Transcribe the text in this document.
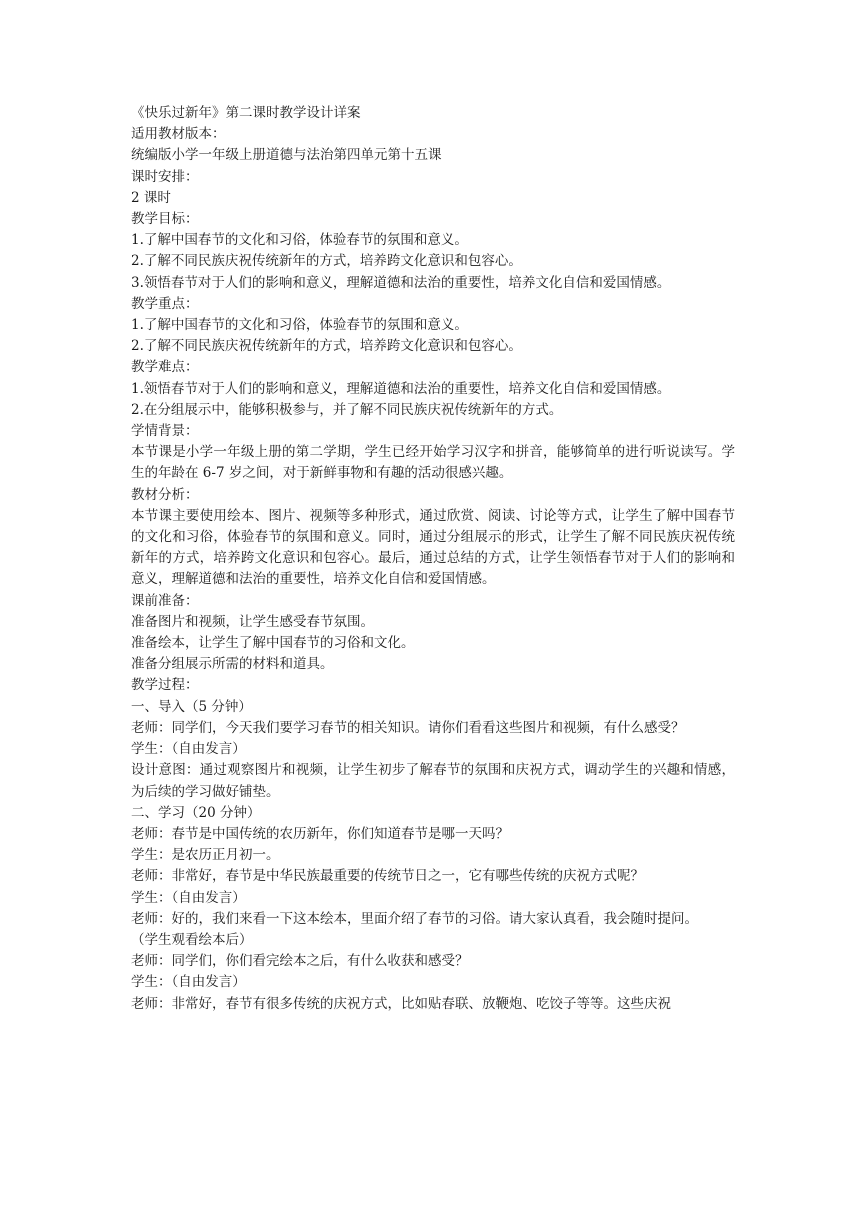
《快乐过新年》第二课时教学设计详案
适用教材版本：
统编版小学一年级上册道德与法治第四单元第十五课
课时安排：
2 课时
教学目标：
1.了解中国春节的文化和习俗，体验春节的氛围和意义。
2.了解不同民族庆祝传统新年的方式，培养跨文化意识和包容心。
3.领悟春节对于人们的影响和意义，理解道德和法治的重要性，培养文化自信和爱国情感。
教学重点：
1.了解中国春节的文化和习俗，体验春节的氛围和意义。
2.了解不同民族庆祝传统新年的方式，培养跨文化意识和包容心。
教学难点：
1.领悟春节对于人们的影响和意义，理解道德和法治的重要性，培养文化自信和爱国情感。
2.在分组展示中，能够积极参与，并了解不同民族庆祝传统新年的方式。
学情背景：

本节课是小学一年级上册的第二学期，学生已经开始学习汉字和拼音，能够简单的进行听说读写。学生的年龄在 6-7 岁之间，对于新鲜事物和有趣的活动很感兴趣。

教材分析：

本节课主要使用绘本、图片、视频等多种形式，通过欣赏、阅读、讨论等方式，让学生了解中国春节的文化和习俗，体验春节的氛围和意义。同时，通过分组展示的形式，让学生了解不同民族庆祝传统新年的方式，培养跨文化意识和包容心。最后，通过总结的方式，让学生领悟春节对于人们的影响和意义，理解道德和法治的重要性，培养文化自信和爱国情感。

课前准备：
准备图片和视频，让学生感受春节氛围。
准备绘本，让学生了解中国春节的习俗和文化。
准备分组展示所需的材料和道具。
教学过程：
一、导入（5 分钟）
老师：同学们，今天我们要学习春节的相关知识。请你们看看这些图片和视频，有什么感受？
学生：（自由发言）

设计意图：通过观察图片和视频，让学生初步了解春节的氛围和庆祝方式，调动学生的兴趣和情感，为后续的学习做好铺垫。

二、学习（20 分钟）
老师：春节是中国传统的农历新年，你们知道春节是哪一天吗？
学生：是农历正月初一。
老师：非常好，春节是中华民族最重要的传统节日之一，它有哪些传统的庆祝方式呢？
学生：（自由发言）

老师：好的，我们来看一下这本绘本，里面介绍了春节的习俗。请大家认真看，我会随时提问。

（学生观看绘本后）
老师：同学们，你们看完绘本之后，有什么收获和感受？
学生：（自由发言）
老师：非常好，春节有很多传统的庆祝方式，比如贴春联、放鞭炮、吃饺子等等。这些庆祝
